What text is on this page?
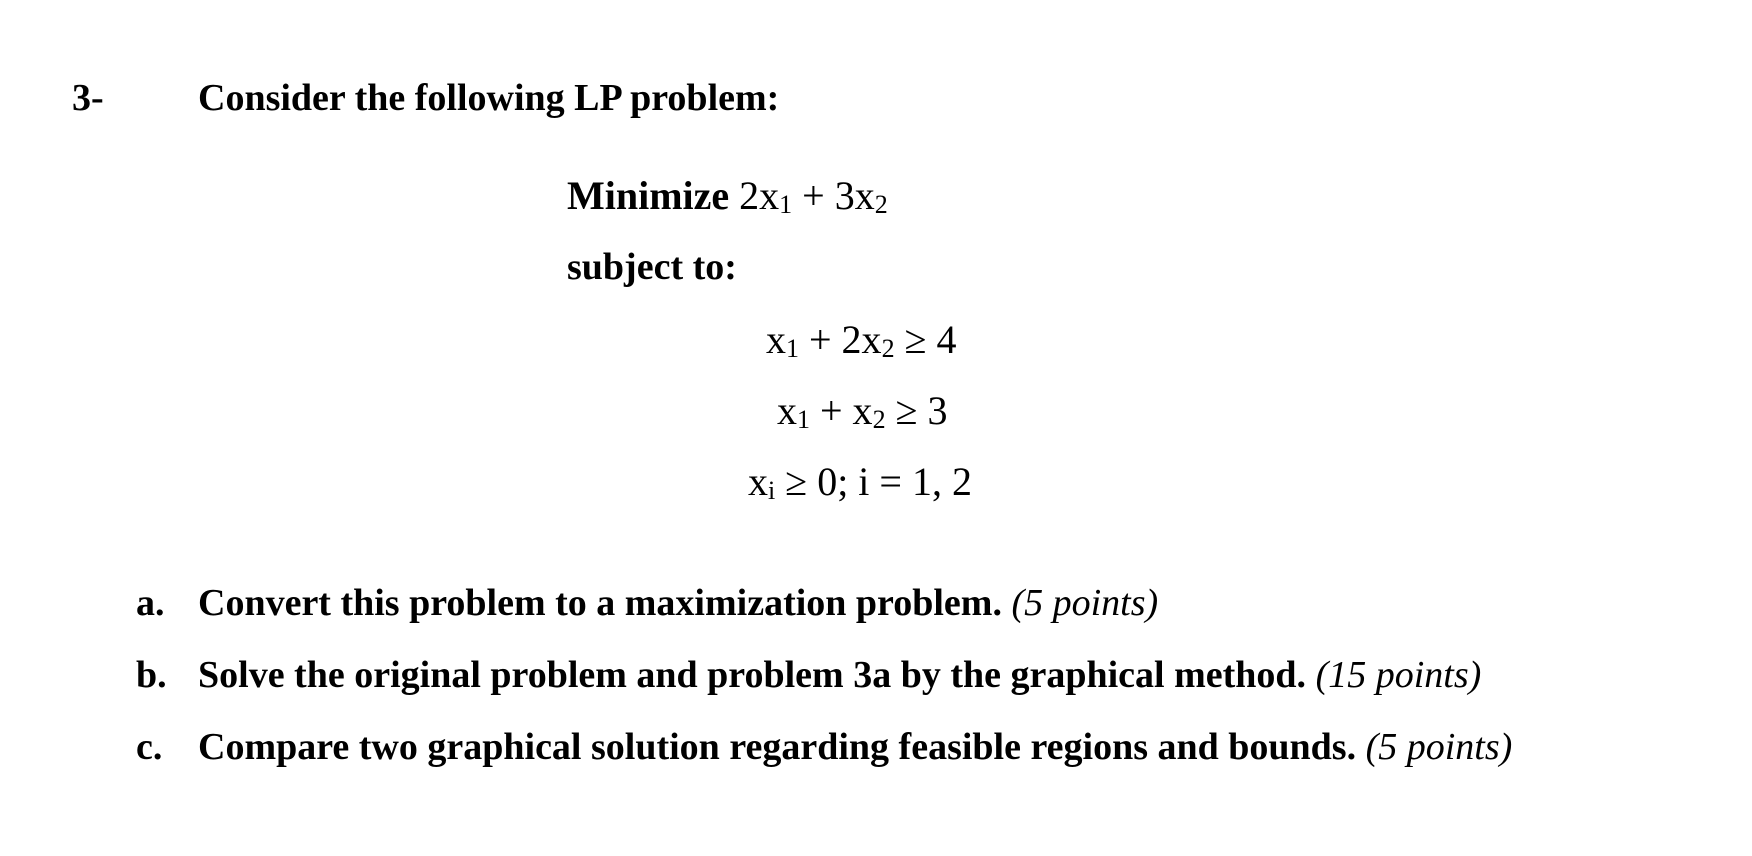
3- Consider the following LP problem:
Minimize 2x1 + 3x2
subject to:
x1 + 2x2 ≥ 4
x1 + x2 ≥ 3
xi ≥ 0; i = 1, 2
a. Convert this problem to a maximization problem. (5 points)
b. Solve the original problem and problem 3a by the graphical method. (15 points)
c. Compare two graphical solution regarding feasible regions and bounds. (5 points)
